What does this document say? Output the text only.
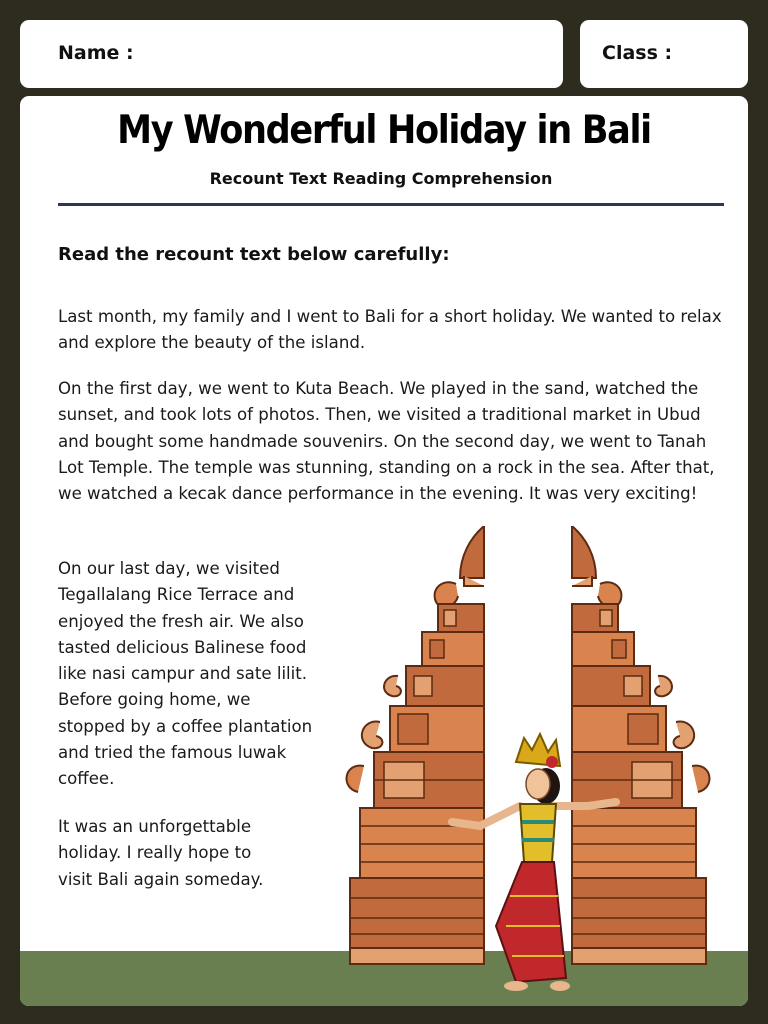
Name :	Class :
My Wonderful Holiday in Bali
Recount Text Reading Comprehension
Read the recount text below carefully:

Last month, my family and I went to Bali for a short holiday. We wanted to relax and explore the beauty of the island.

On the first day, we went to Kuta Beach. We played in the sand, watched the sunset, and took lots of photos. Then, we visited a traditional market in Ubud and bought some handmade souvenirs. On the second day, we went to Tanah Lot Temple. The temple was stunning, standing on a rock in the sea. After that, we watched a kecak dance performance in the evening. It was very exciting!

On our last day, we visited Tegallalang Rice Terrace and enjoyed the fresh air. We also tasted delicious Balinese food like nasi campur and sate lilit. Before going home, we stopped by a coffee plantation and tried the famous luwak coffee.

It was an unforgettable holiday. I really hope to visit Bali again someday.
